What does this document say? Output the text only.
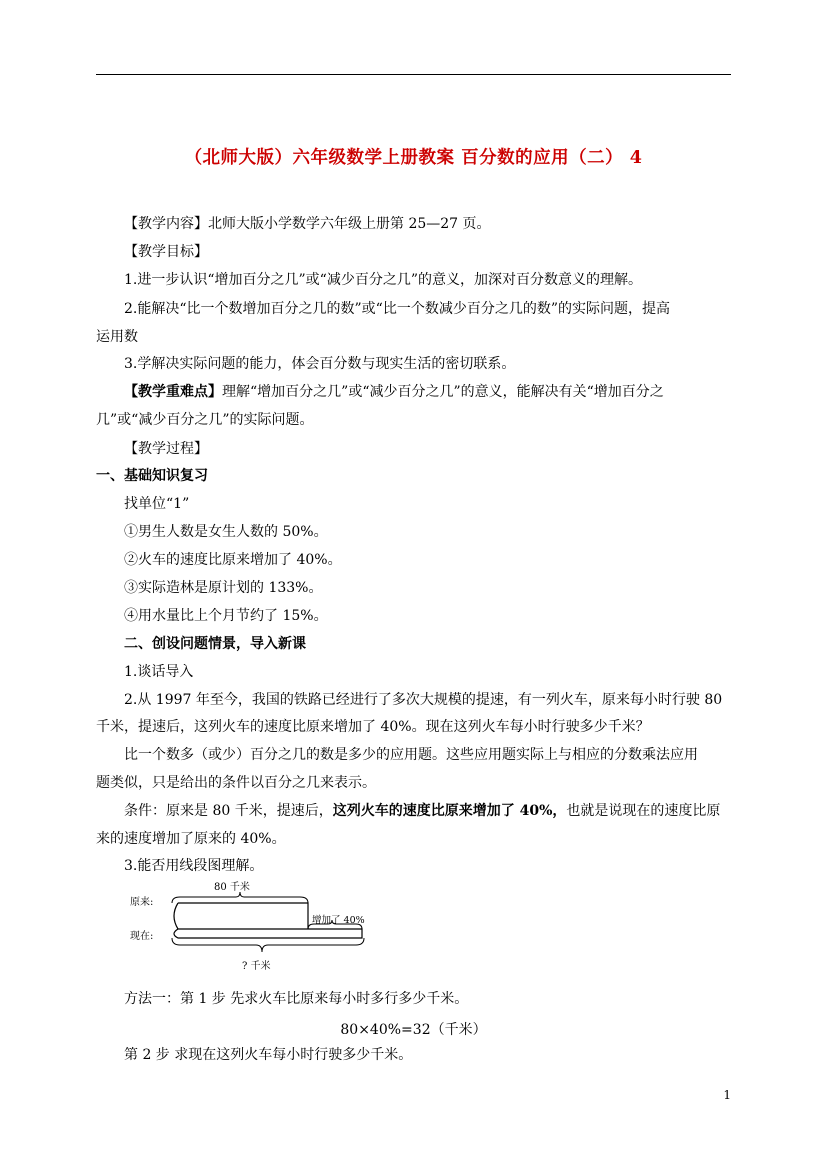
（北师大版）六年级数学上册教案 百分数的应用（二） 4
【教学内容】北师大版小学数学六年级上册第 25—27 页。
【教学目标】
1.进一步认识“增加百分之几”或“减少百分之几”的意义，加深对百分数意义的理解。
2.能解决“比一个数增加百分之几的数”或“比一个数减少百分之几的数”的实际问题，提高
运用数
3.学解决实际问题的能力，体会百分数与现实生活的密切联系。
【教学重难点】理解“增加百分之几”或“减少百分之几”的意义，能解决有关“增加百分之
几”或“减少百分之几”的实际问题。
【教学过程】
一、基础知识复习
找单位“1”
①男生人数是女生人数的 50%。
②火车的速度比原来增加了 40%。
③实际造林是原计划的 133%。
④用水量比上个月节约了 15%。
二、创设问题情景，导入新课
1.谈话导入
2.从 1997 年至今，我国的铁路已经进行了多次大规模的提速，有一列火车，原来每小时行驶 80
千米，提速后，这列火车的速度比原来增加了 40%。现在这列火车每小时行驶多少千米？
比一个数多（或少）百分之几的数是多少的应用题。这些应用题实际上与相应的分数乘法应用
题类似，只是给出的条件以百分之几来表示。
条件：原来是 80 千米，提速后，这列火车的速度比原来增加了 40%，也就是说现在的速度比原
来的速度增加了原来的 40%。
3.能否用线段图理解。
原来:
现在:
80 千米
增加了 40%
? 千米
方法一：第 1 步 先求火车比原来每小时多行多少千米。
80×40%=32（千米）
第 2 步 求现在这列火车每小时行驶多少千米。
1
